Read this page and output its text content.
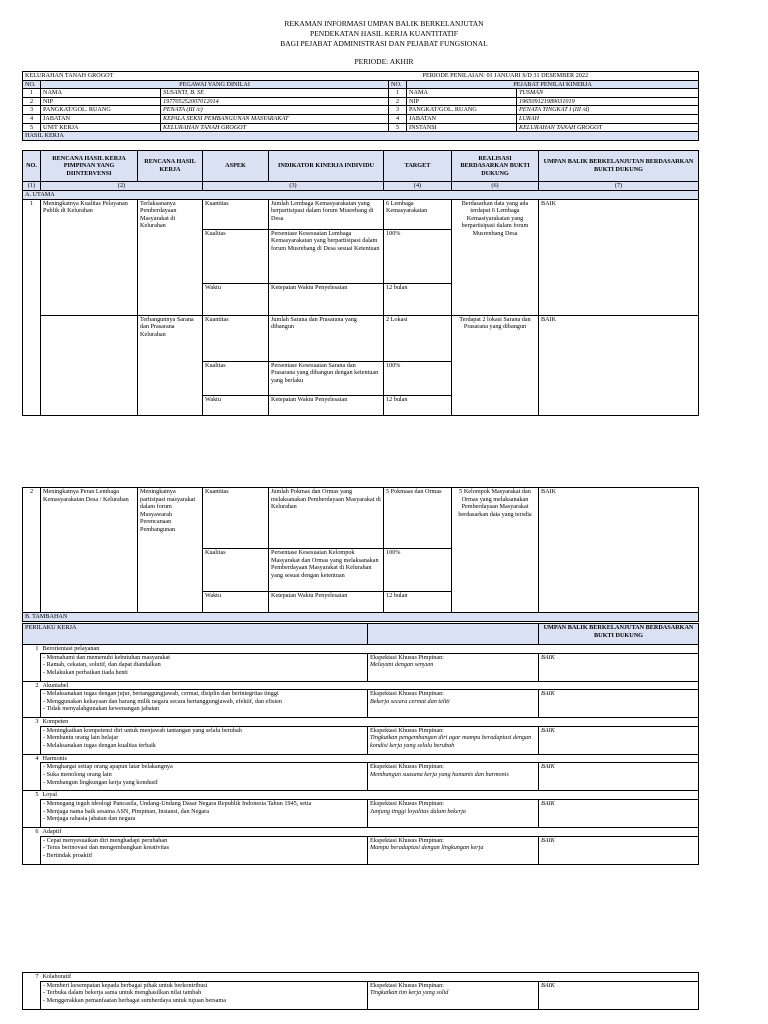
REKAMAN INFORMASI UMPAN BALIK BERKELANJUTAN
PENDEKATAN HASIL KERJA KUANTITATIF
BAGI PEJABAT ADMINISTRASI DAN PEJABAT FUNGSIONAL
PERIODE: AKHIR
KELURAHAN TANAH GROGOT			PERIODE PENILAIAN: 01 JANUARI S/D 31 DESEMBER 2022		
NO.	PEGAWAI YANG DINILAI		NO.	PEJABAT PENILAI KINERJA	
1	NAMA	SUSANTI, B. SE	1	NAMA	TUSMAN
2	NIP	197705252007012014	2	NIP	196509121989031019
3	PANGKAT/GOL. RUANG	PENATA (III /c)	3	PANGKAT/GOL. RUANG	PENATA TINGKAT I (III /d)
4	JABATAN	KEPALA SEKSI PEMBANGUNAN MASYARAKAT	4	JABATAN	LURAH
5	UNIT KERJA	KELURAHAN TANAH GROGOT	5	INSTANSI	KELURAHAN TANAH GROGOT
HASIL KERJA					
NO.	RENCANA HASIL KERJA PIMPINAN YANG DIINTERVENSI	RENCANA HASIL KERJA	ASPEK	INDIKATOR KINERJA INDIVIDU	TARGET	REALISASI BERDASARKAN BUKTI DUKUNG	UMPAN BALIK BERKELANJUTAN BERDASARKAN BUKTI DUKUNG
(1)	(2)		(3)		(4)	(6)	(7)
A. UTAMA							
1	Meningkatnya Kualitas Pelayanan Publik di Kelurahan	Terlaksananya Pemberdayaan Masyarakat di Kelurahan	Kuantitas	Jumlah Lembaga Kemasyarakatan yang berpartisipasi dalam forum Musrebang di Desa	6 Lembaga Kemasyarakatan	Berdasarkan data yang ada terdapat 6 Lembaga Kemasiyarakatan yang berpartisipasi dalam forum Musrenbang Desa	BAIK
			Kualitas	Persentase Kesesuaian Lembaga Kemasyarakatan yang berpartisipasi dalam forum Musrebang di Desa sesuai Ketentuan	100%		
			Waktu	Ketepatan Waktu Penyelesaian	12 bulan		
		Terbangunnya Sarana dan Prasarana Kelurahan	Kuantitas	Jumlah Sarana dan Prasarana yang dibangun	2 Lokasi	Terdapat 2 lokasi Sarana dan Prasarana yang dibangun	BAIK
			Kualitas	Persentase Kesesuaian Sarana dan Prasarana yang dibangun dengan ketentuan yang berlaku	100%		
			Waktu	Ketepatan Waktu Penyelesaian	12 bulan		
2	Meningkatnya Peran Lembaga Kemasyarakatan Desa / Kelurahan	Meningkatnya partisipasi masyarakat dalam forum Musyawarah Perencanaan Pembangunan	Kuantitas	Jumlah Pokmas dan Ormas yang melaksanakan Pemberdayaan Masyarakat di Kelurahan	5 Pokmaas dan Ormas	5 Kelompok Masyarakat dan Ormas yang melaksanakan Pemberdayaan Masyarakat berdasarkan data yang tersdia	BAIK
			Kualitas	Persentase Kesesuaian Kelompok Masyarakat dan Ormas yang melaksanakan Pemberdayaan Masyarakat di Kelurahan yang sesuai dengan ketentuan	100%		
			Waktu	Ketepatan Waktu Penyelesaian	12 bulan		
B. TAMBAHAN							
PERILAKU KERJA			UMPAN BALIK BERKELANJUTAN BERDASARKAN BUKTI DUKUNG
1	Berorientasi pelayanan		

	- Memahami dan memenuhi kebutuhan masyarakat
- Ramah, cekatan, solutif, dan dapat diandalkan
- Melakukan perbaikan tiada henti	Ekspektasi Khusus Pimpinan:
Melayani dengan senyum	BAIK
2	Akuntabel		

	- Melaksanakan tugas dengan jujur, bertanggungjawab, cermat, disiplin dan berintegritas tinggi
- Menggunakan kekayaan dan barang milik negara secara bertanggungjawab, efektif, dan efisien
- Tidak menyalahgunakan kewenangan jabatan	Ekspektasi Khusus Pimpinan:
Bekerja secara cermat dan teliti	BAIK
3	Kompeten		

	- Meningkatkan kompetensi diri untuk menjawab tantangan yang selalu berubah
- Membantu orang lain belajar
- Melaksanakan tugas dengan kualitas terbaik	Ekspektasi Khusus Pimpinan:
Tingkatkan pengembangan diri agar mampu beradaptasi dengan kondisi kerja yang selalu berubah	BAIK
4	Harmonis		

	- Menghargai setiap orang apapun latar belakangnya
- Suka menolong orang lain
- Membangun lingkungan kerja yang kondusif	Ekspektasi Khusus Pimpinan:
Membangun suasana kerja yang humanis dan harmonis	BAIK
5	Loyal		

	- Memegang teguh ideologi Pancasila, Undang-Undang Dasar Negara Republik Indonesia Tahun 1945, setia
- Menjaga nama baik sesama ASN, Pimpinan, Instansi, dan Negara
- Menjaga rahasia jabatan dan negara	Ekspektasi Khusus Pimpinan:
Junjung tinggi loyalitas dalam bekerja	BAIK
6	Adaptif		

	- Cepat menyesuaikan diri menghadapi perubahan
- Terus berinovasi dan mengembangkan kreativitas
- Bertindak proaktif	Ekspektasi Khusus Pimpinan:
Mampu beradaptasi dengan lingkungan kerja	BAIK
7	Kolaboratif		

	- Memberi kesempatan kepada berbagai pihak untuk berkontribusi
- Terbuka dalam bekerja sama untuk menghasilkan nilai tambah
- Menggerakkan pemanfaatan berbagai sumberdaya untuk tujuan bersama	Ekspektasi Khusus Pimpinan:
Tingkatkan tim kerja yang solid	BAIK
